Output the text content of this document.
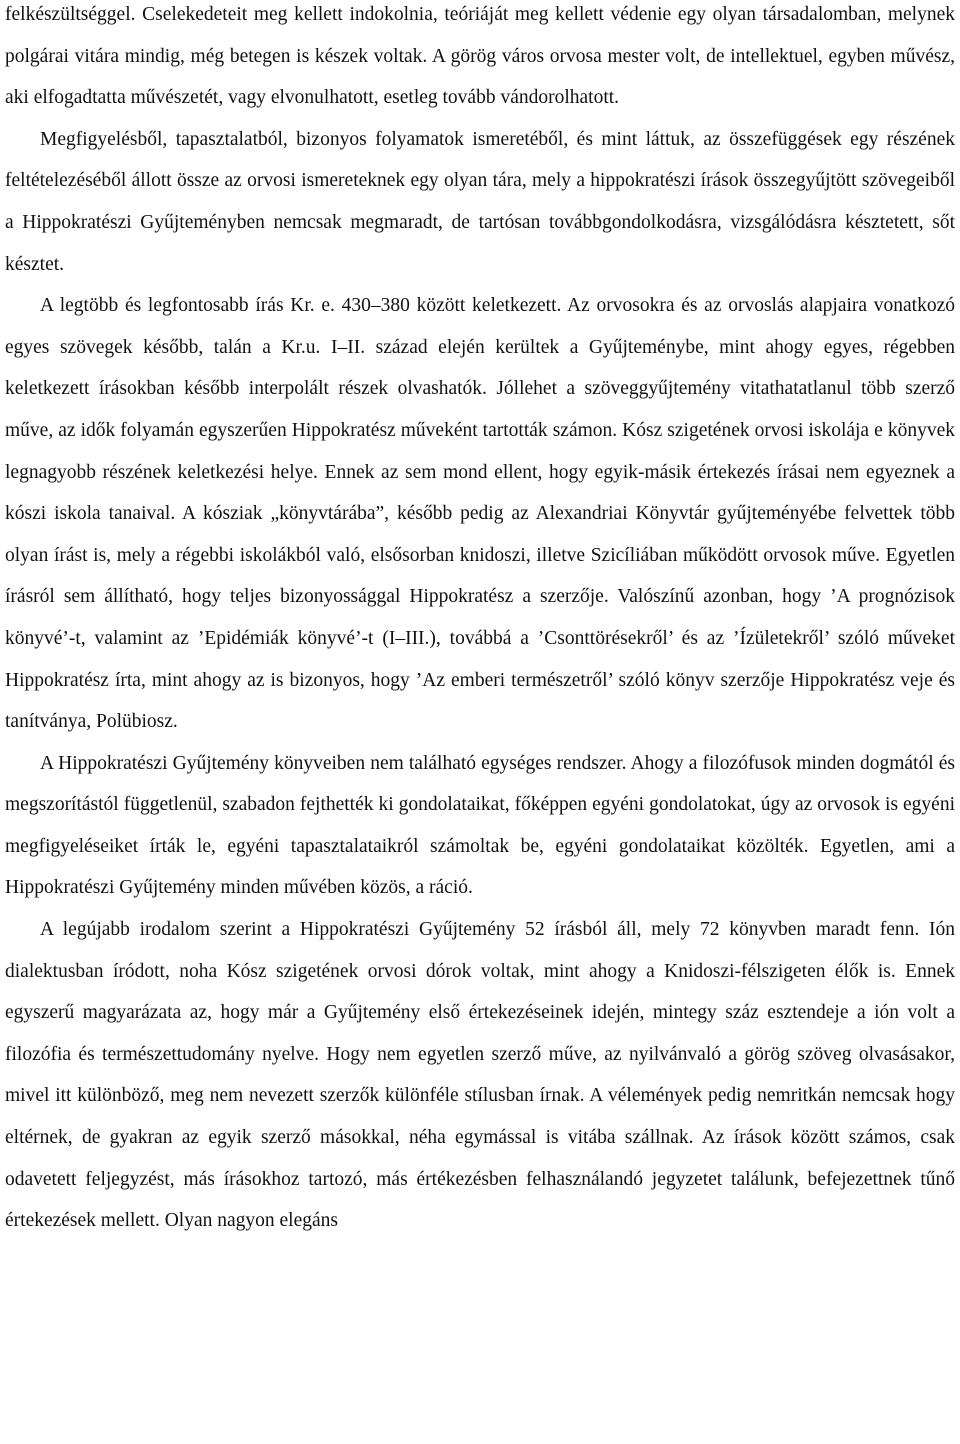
felkészültséggel. Cselekedeteit meg kellett indokolnia, teóriáját meg kellett védenie egy olyan társadalomban, melynek polgárai vitára mindig, még betegen is készek voltak. A görög város orvosa mester volt, de intellektuel, egyben művész, aki elfogadtatta művészetét, vagy elvonulhatott, esetleg tovább vándorolhatott.

Megfigyelésből, tapasztalatból, bizonyos folyamatok ismeretéből, és mint láttuk, az összefüggések egy részének feltételezéséből állott össze az orvosi ismereteknek egy olyan tára, mely a hippokratészi írások összegyűjtött szövegeiből a Hippokratészi Gyűjteményben nemcsak megmaradt, de tartósan továbbgondolkodásra, vizsgálódásra késztetett, sőt késztet.

A legtöbb és legfontosabb írás Kr. e. 430–380 között keletkezett. Az orvosokra és az orvoslás alapjaira vonatkozó egyes szövegek később, talán a Kr.u. I–II. század elején kerültek a Gyűjteménybe, mint ahogy egyes, régebben keletkezett írásokban később interpolált részek olvashatók. Jóllehet a szöveggyűjtemény vitathatatlanul több szerző műve, az idők folyamán egyszerűen Hippokratész műveként tartották számon. Kósz szigetének orvosi iskolája e könyvek legnagyobb részének keletkezési helye. Ennek az sem mond ellent, hogy egyik-másik értekezés írásai nem egyeznek a kószi iskola tanaival. A kósziak „könyvtárába”, később pedig az Alexandriai Könyvtár gyűjteményébe felvettek több olyan írást is, mely a régebbi iskolákból való, elsősorban knidoszi, illetve Szicíliában működött orvosok műve. Egyetlen írásról sem állítható, hogy teljes bizonyossággal Hippokratész a szerzője. Valószínű azonban, hogy ’A prognózisok könyvé’-t, valamint az ’Epidémiák könyvé’-t (I–III.), továbbá a ’Csonttörésekről’ és az ’Ízületekről’ szóló műveket Hippokratész írta, mint ahogy az is bizonyos, hogy ’Az emberi természetről’ szóló könyv szerzője Hippokratész veje és tanítványa, Polübiosz.

A Hippokratészi Gyűjtemény könyveiben nem található egységes rendszer. Ahogy a filozófusok minden dogmától és megszorítástól függetlenül, szabadon fejthették ki gondolataikat, főképpen egyéni gondolatokat, úgy az orvosok is egyéni megfigyeléseiket írták le, egyéni tapasztalataikról számoltak be, egyéni gondolataikat közölték. Egyetlen, ami a Hippokratészi Gyűjtemény minden művében közös, a ráció.

A legújabb irodalom szerint a Hippokratészi Gyűjtemény 52 írásból áll, mely 72 könyvben maradt fenn. Ión dialektusban íródott, noha Kósz szigetének orvosi dórok voltak, mint ahogy a Knidoszi-félszigeten élők is. Ennek egyszerű magyarázata az, hogy már a Gyűjtemény első értekezéseinek idején, mintegy száz esztendeje a ión volt a filozófia és természettudomány nyelve. Hogy nem egyetlen szerző műve, az nyilvánvaló a görög szöveg olvasásakor, mivel itt különböző, meg nem nevezett szerzők különféle stílusban írnak. A vélemények pedig nemritkán nemcsak hogy eltérnek, de gyakran az egyik szerző másokkal, néha egymással is vitába szállnak. Az írások között számos, csak odavetett feljegyzést, más írásokhoz tartozó, más értékezésben felhasználandó jegyzetet találunk, befejezettnek tűnő értekezések mellett. Olyan nagyon elegáns
